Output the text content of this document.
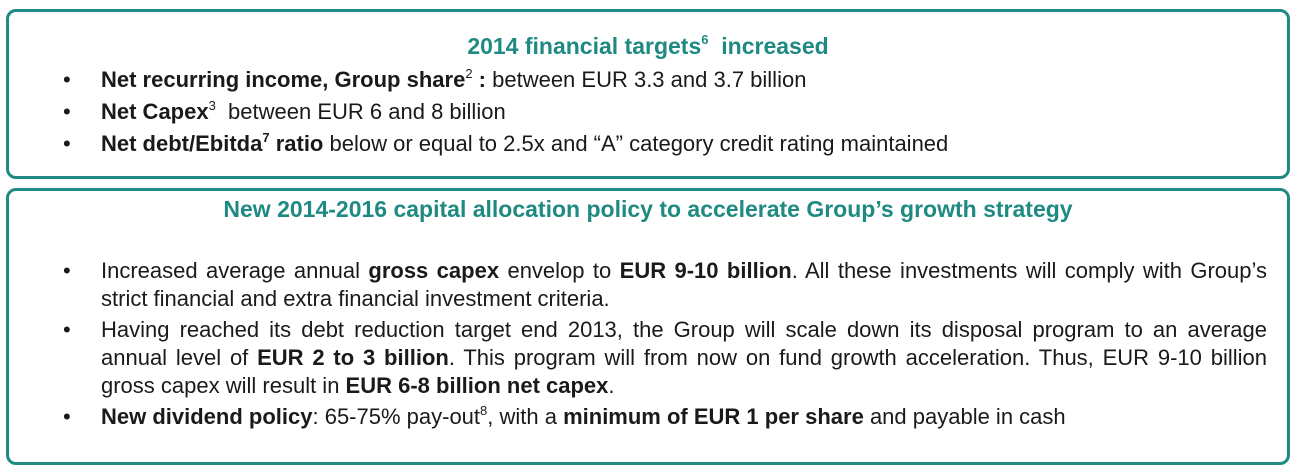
2014 financial targets$^6$ increased
• Net recurring income, Group share$^2$ : between EUR 3.3 and 3.7 billion
• Net Capex$^3$  between EUR 6 and 8 billion
• Net debt/Ebitda$^7$ ratio below or equal to 2.5x and “A” category credit rating maintained
New 2014-2016 capital allocation policy to accelerate Group’s growth strategy
• Increased average annual gross capex envelop to EUR 9-10 billion. All these investments will comply with Group’s strict financial and extra financial investment criteria.
• Having reached its debt reduction target end 2013, the Group will scale down its disposal program to an average annual level of EUR 2 to 3 billion. This program will from now on fund growth acceleration. Thus, EUR 9-10 billion gross capex will result in EUR 6-8 billion net capex.
• New dividend policy: 65-75% pay-out$^8$, with a minimum of EUR 1 per share and payable in cash
